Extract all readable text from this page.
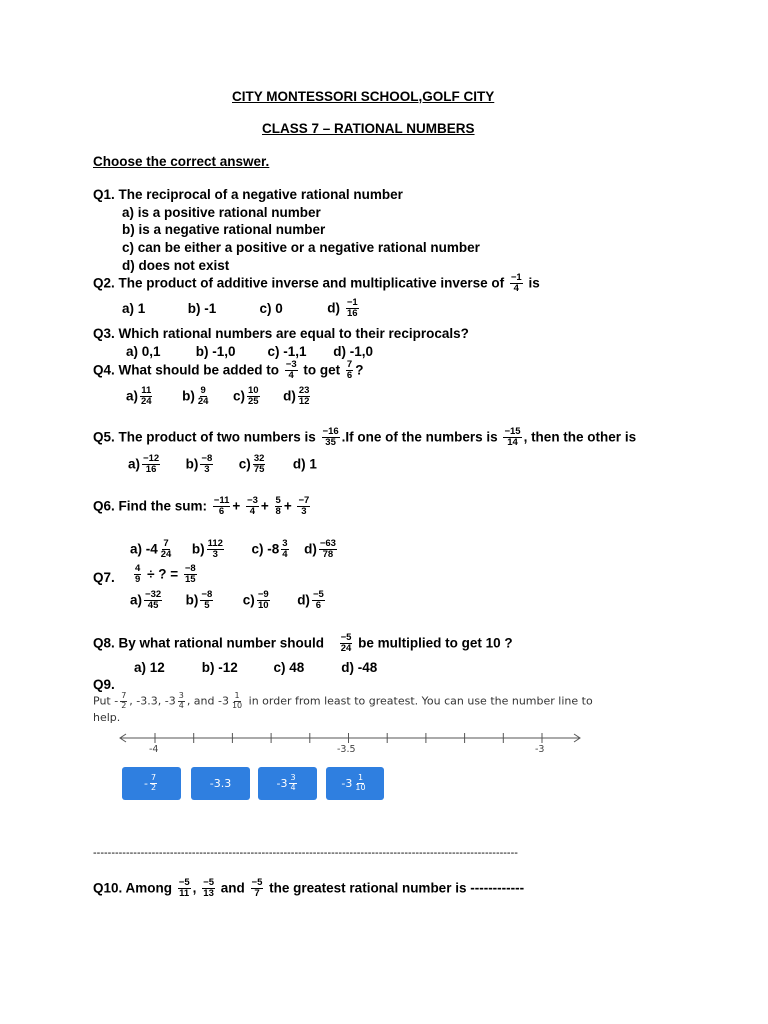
CITY MONTESSORI SCHOOL,GOLF CITY
CLASS 7 – RATIONAL NUMBERS
Choose the correct answer.
Q1. The reciprocal of a negative rational number
a) is a positive rational number
b) is a negative rational number
c) can be either a positive or a negative rational number
d) does not exist
Q2. The product of additive inverse and multiplicative inverse of $\frac{-1}{4}$ is
a) 1	b) -1	c) 0	$d) \frac{-1}{16}$
Q3. Which rational numbers are equal to their reciprocals?
a) 0,1	b) -1,0 c) -1,1 d) -1,0
Q4. What should be added to $\frac{-3}{4}$ to get $\frac{7}{6}$ ?
$a) \frac{11}{24} b) \frac{9}{24} c) \frac{10}{25} d) \frac{23}{12}$
Q5. The product of two numbers is $\frac{-16}{35} .If$ one of the numbers is $\frac{-15}{14}$ , then the other is
$a) \frac{-12}{16} b) \frac{-8}{3} c) \frac{32}{75} d$) 1
Q6. Find the sum: $\frac{-11}{6} + \frac{-3}{4} + \frac{5}{8} + \frac{-7}{3}$
a) $-4 \frac{7}{24} b) \frac{112}{3} c$) $-8 \frac{3}{4} d) \frac{-63}{78}$
Q7. $\frac{4}{9}$ ÷ ? = $\frac{-8}{15}$
$a) \frac{-32}{45} b) \frac{-8}{5} c) \frac{-9}{10} d) \frac{-5}{6}$
Q8. By what rational number should $\frac{-5}{24}$ be multiplied to get 10 ?
a) 12	b) -12	c) 48	d) -48
Q9.
Put - $\frac{7}{2}$ , -3.3, $-3 \frac{3}{4}$ , and $-3 \frac{1}{10}$ in order from least to greatest. You can use the number line to
help.
-4	-3.5	-3
- $\frac{7}{2}$	-3.3	$-3 \frac{3}{4}$	$-3 \frac{1}{10}$
--------------------------------------------------------------------------------------------------------------------
Q10. Among $\frac{-5}{11}$ , $\frac{-5}{13}$ and $\frac{-5}{7}$ the greatest rational number is ------------
